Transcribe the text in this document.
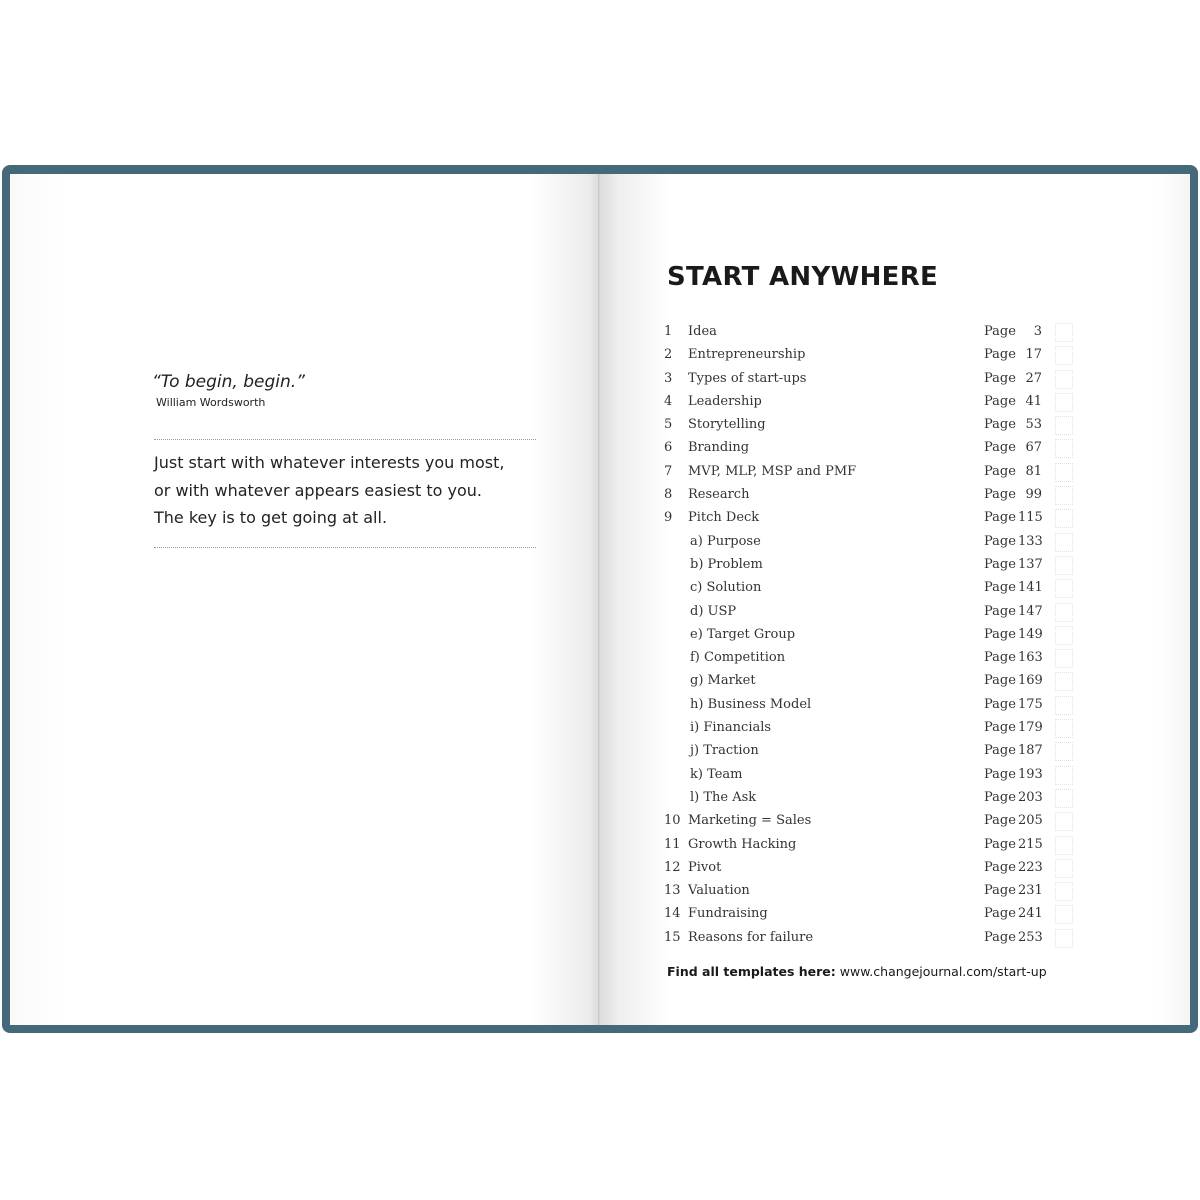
“To begin, begin.”
William Wordsworth
Just start with whatever interests you most,
or with whatever appears easiest to you.
The key is to get going at all.
START ANYWHERE
1 Idea	Page	3
2 Entrepreneurship	Page 17
3 Types of start-ups	Page 27
4 Leadership	Page 41
5 Storytelling	Page 53
6 Branding	Page 67
7 MVP, MLP, MSP and PMF	Page 81
8 Research	Page 99
9 Pitch Deck	Page 115
a) Purpose	Page 133
b) Problem	Page 137
c) Solution	Page 141
d) USP	Page 147
e) Target Group	Page 149
f) Competition	Page 163
g) Market	Page 169
h) Business Model	Page 175
i) Financials	Page 179
j) Traction	Page 187
k) Team	Page 193
l) The Ask	Page 203
10 Marketing = Sales	Page 205
11 Growth Hacking	Page 215
12 Pivot	Page 223
13 Valuation	Page 231
14 Fundraising	Page 241
15 Reasons for failure	Page 253
Find all templates here: www.changejournal.com/start-up
